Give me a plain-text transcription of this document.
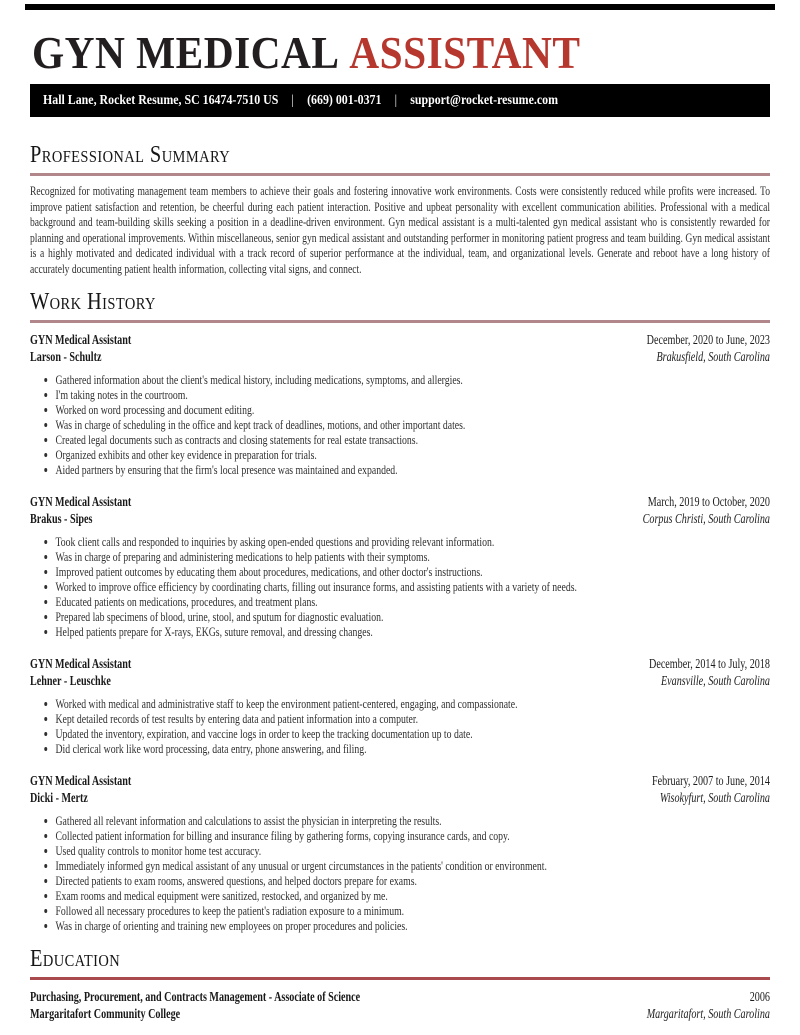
GYN MEDICAL ASSISTANT
Hall Lane, Rocket Resume, SC 16474-7510 US | (669) 001-0371 | support@rocket-resume.com
Professional Summary
Recognized for motivating management team members to achieve their goals and fostering innovative work environments. Costs were consistently reduced while profits were increased. To improve patient satisfaction and retention, be cheerful during each patient interaction. Positive and upbeat personality with excellent communication abilities. Professional with a medical background and team-building skills seeking a position in a deadline-driven environment. Gyn medical assistant is a multi-talented gyn medical assistant who is consistently rewarded for planning and operational improvements. Within miscellaneous, senior gyn medical assistant and outstanding performer in monitoring patient progress and team building. Gyn medical assistant is a highly motivated and dedicated individual with a track record of superior performance at the individual, team, and organizational levels. Generate and reboot have a long history of accurately documenting patient health information, collecting vital signs, and connect.
Work History
GYN Medical Assistant	December, 2020 to June, 2023
Larson - Schultz	Brakusfield, South Carolina
• Gathered information about the client's medical history, including medications, symptoms, and allergies.
• I'm taking notes in the courtroom.
• Worked on word processing and document editing.
• Was in charge of scheduling in the office and kept track of deadlines, motions, and other important dates.
• Created legal documents such as contracts and closing statements for real estate transactions.
• Organized exhibits and other key evidence in preparation for trials.
• Aided partners by ensuring that the firm's local presence was maintained and expanded.
GYN Medical Assistant	March, 2019 to October, 2020
Brakus - Sipes	Corpus Christi, South Carolina
• Took client calls and responded to inquiries by asking open-ended questions and providing relevant information.
• Was in charge of preparing and administering medications to help patients with their symptoms.
• Improved patient outcomes by educating them about procedures, medications, and other doctor's instructions.
• Worked to improve office efficiency by coordinating charts, filling out insurance forms, and assisting patients with a variety of needs.
• Educated patients on medications, procedures, and treatment plans.
• Prepared lab specimens of blood, urine, stool, and sputum for diagnostic evaluation.
• Helped patients prepare for X-rays, EKGs, suture removal, and dressing changes.
GYN Medical Assistant	December, 2014 to July, 2018
Lehner - Leuschke	Evansville, South Carolina
• Worked with medical and administrative staff to keep the environment patient-centered, engaging, and compassionate.
• Kept detailed records of test results by entering data and patient information into a computer.
• Updated the inventory, expiration, and vaccine logs in order to keep the tracking documentation up to date.
• Did clerical work like word processing, data entry, phone answering, and filing.
GYN Medical Assistant	February, 2007 to June, 2014
Dicki - Mertz	Wisokyfurt, South Carolina
• Gathered all relevant information and calculations to assist the physician in interpreting the results.
• Collected patient information for billing and insurance filing by gathering forms, copying insurance cards, and copy.
• Used quality controls to monitor home test accuracy.
• Immediately informed gyn medical assistant of any unusual or urgent circumstances in the patients' condition or environment.
• Directed patients to exam rooms, answered questions, and helped doctors prepare for exams.
• Exam rooms and medical equipment were sanitized, restocked, and organized by me.
• Followed all necessary procedures to keep the patient's radiation exposure to a minimum.
• Was in charge of orienting and training new employees on proper procedures and policies.
Education
Purchasing, Procurement, and Contracts Management - Associate of Science	2006
Margaritafort Community College	Margaritafort, South Carolina
